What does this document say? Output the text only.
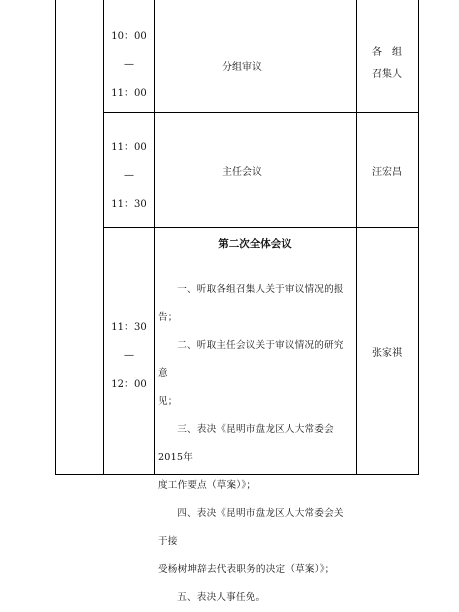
10：00
—
11：00
分组审议
各　组
召集人
11：00
—
11：30
主任会议	汪宏昌
11：30
—
12：00
第二次全体会议

一、听取各组召集人关于审议情况的报告；

二、听取主任会议关于审议情况的研究意

见；

三、表决《昆明市盘龙区人大常委会2015年

度工作要点（草案）》；

四、表决《昆明市盘龙区人大常委会关于接

受杨树坤辞去代表职务的决定（草案）》；

五、表决人事任免。

张家祺
